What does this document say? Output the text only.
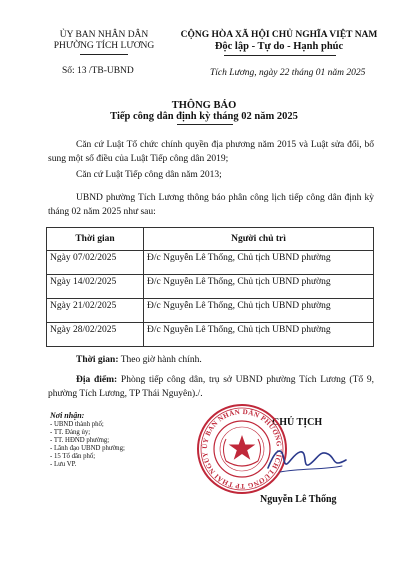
ỦY BAN NHÂN DÂN
PHƯỜNG TÍCH LƯƠNG
Số: 13 /TB-UBND
CỘNG HÒA XÃ HỘI CHỦ NGHĨA VIỆT NAM
Độc lập - Tự do - Hạnh phúc
Tích Lương, ngày 22 tháng 01 năm 2025
THÔNG BÁO
Tiếp công dân định kỳ tháng 02 năm 2025
Căn cứ Luật Tổ chức chính quyền địa phương năm 2015 và Luật sửa đổi, bổ sung một số điều của Luật Tiếp công dân 2019;
Căn cứ Luật Tiếp công dân năm 2013;
UBND phường Tích Lương thông báo phân công lịch tiếp công dân định kỳ tháng 02 năm 2025 như sau:
Thời gian	Người chủ trì
Ngày 07/02/2025	Đ/c Nguyễn Lê Thống, Chủ tịch UBND phường
Ngày 14/02/2025	Đ/c Nguyễn Lê Thống, Chủ tịch UBND phường
Ngày 21/02/2025	Đ/c Nguyễn Lê Thống, Chủ tịch UBND phường
Ngày 28/02/2025	Đ/c Nguyễn Lê Thống, Chủ tịch UBND phường
Thời gian: Theo giờ hành chính.
Địa điểm: Phòng tiếp công dân, trụ sở UBND phường Tích Lương (Tổ 9, phường Tích Lương, TP Thái Nguyên)./.
Nơi nhận:
- UBND thành phố;
- TT. Đảng ủy;
- TT. HĐND phường;
- Lãnh đạo UBND phường;
- 15 Tổ dân phố;
- Lưu VP.
CHỦ TỊCH
ỦY BAN NHÂN DÂN PHƯỜNG TÍCH LƯƠNG TP THÁI NGUY
Nguyễn Lê Thống
